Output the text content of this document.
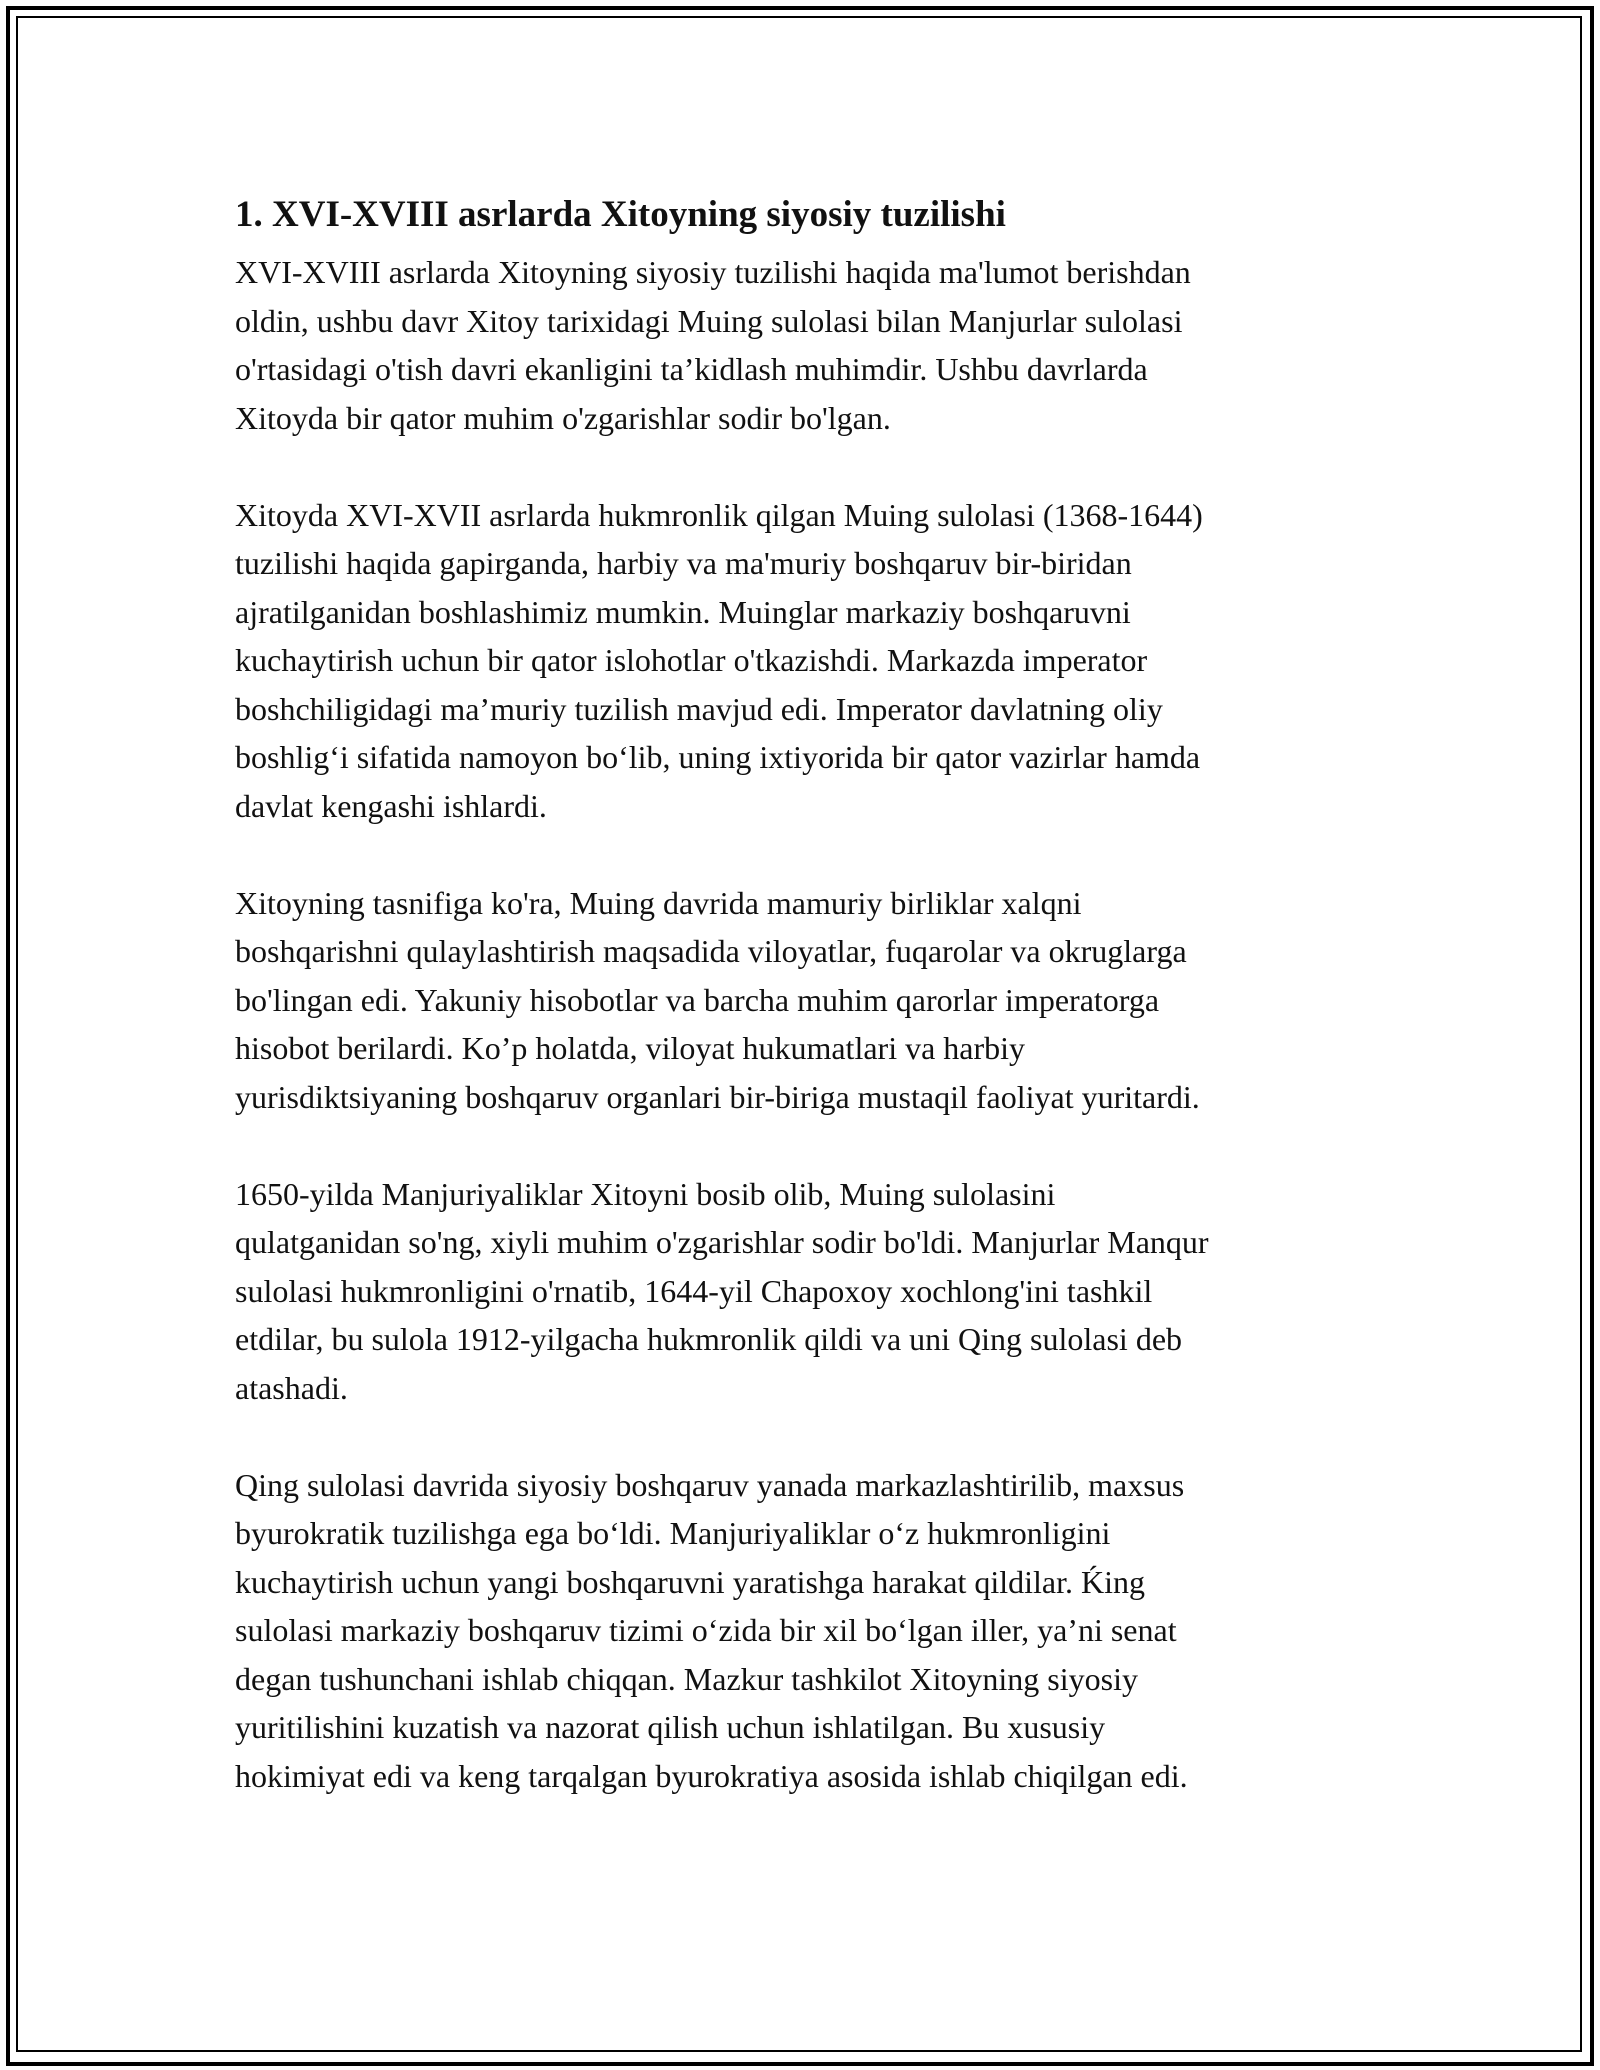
1. XVI-XVIII asrlarda Xitoyning siyosiy tuzilishi
XVI-XVIII asrlarda Xitoyning siyosiy tuzilishi haqida ma'lumot berishdan
oldin, ushbu davr Xitoy tarixidagi Muing sulolasi bilan Manjurlar sulolasi
o'rtasidagi o'tish davri ekanligini ta’kidlash muhimdir. Ushbu davrlarda
Xitoyda bir qator muhim o'zgarishlar sodir bo'lgan.
Xitoyda XVI-XVII asrlarda hukmronlik qilgan Muing sulolasi (1368-1644)
tuzilishi haqida gapirganda, harbiy va ma'muriy boshqaruv bir-biridan
ajratilganidan boshlashimiz mumkin. Muinglar markaziy boshqaruvni
kuchaytirish uchun bir qator islohotlar o'tkazishdi. Markazda imperator
boshchiligidagi ma’muriy tuzilish mavjud edi. Imperator davlatning oliy
boshlig‘i sifatida namoyon bo‘lib, uning ixtiyorida bir qator vazirlar hamda
davlat kengashi ishlardi.
Xitoyning tasnifiga ko'ra, Muing davrida mamuriy birliklar xalqni
boshqarishni qulaylashtirish maqsadida viloyatlar, fuqarolar va okruglarga
bo'lingan edi. Yakuniy hisobotlar va barcha muhim qarorlar imperatorga
hisobot berilardi. Ko’p holatda, viloyat hukumatlari va harbiy
yurisdiktsiyaning boshqaruv organlari bir-biriga mustaqil faoliyat yuritardi.
1650-yilda Manjuriyaliklar Xitoyni bosib olib, Muing sulolasini
qulatganidan so'ng, xiyli muhim o'zgarishlar sodir bo'ldi. Manjurlar Manqur
sulolasi hukmronligini o'rnatib, 1644-yil Chapoxoy xochlong'ini tashkil
etdilar, bu sulola 1912-yilgacha hukmronlik qildi va uni Qing sulolasi deb
atashadi.
Qing sulolasi davrida siyosiy boshqaruv yanada markazlashtirilib, maxsus
byurokratik tuzilishga ega bo‘ldi. Manjuriyaliklar o‘z hukmronligini
kuchaytirish uchun yangi boshqaruvni yaratishga harakat qildilar. Ḱing
sulolasi markaziy boshqaruv tizimi o‘zida bir xil bo‘lgan iller, ya’ni senat
degan tushunchani ishlab chiqqan. Mazkur tashkilot Xitoyning siyosiy
yuritilishini kuzatish va nazorat qilish uchun ishlatilgan. Bu xususiy
hokimiyat edi va keng tarqalgan byurokratiya asosida ishlab chiqilgan edi.
